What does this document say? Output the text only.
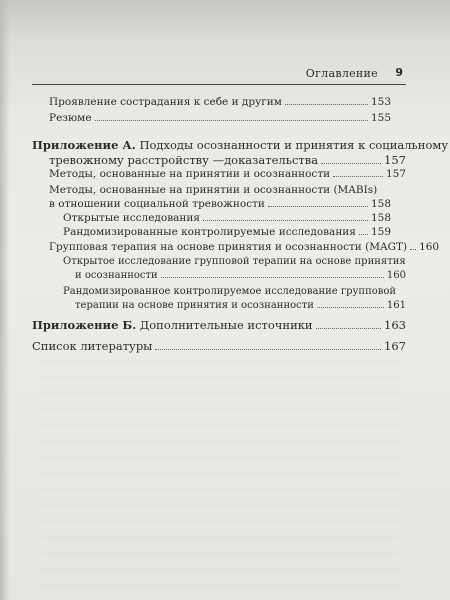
Оглавление 9
Проявление сострадания к себе и другим	153
Резюме	155
Приложение А. Подходы осознанности и принятия к социальному
тревожному расстройству —доказательства	157
Методы, основанные на принятии и осознанности	157
Методы, основанные на принятии и осознанности (MABIs)
в отношении социальной тревожности	158
Открытые исследования	158
Рандомизированные контролируемые исследования 159
Групповая терапия на основе принятия и осознанности (MAGT) 160
Открытое исследование групповой терапии на основе принятия
и осознанности	160
Рандомизированное контролируемое исследование групповой
терапии на основе принятия и осознанности	161
Приложение Б. Дополнительные источники	163
Список литературы	167
